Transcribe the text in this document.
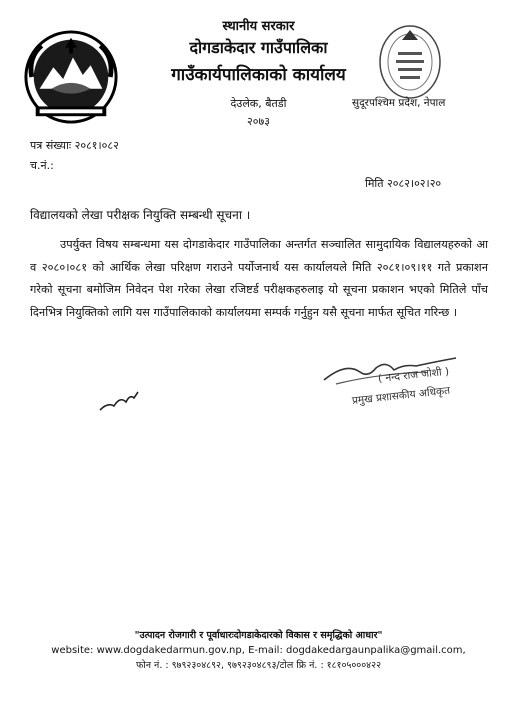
स्थानीय सरकार
दोगडाकेदार गाउँपालिका
गाउँकार्यपालिकाको कार्यालय
देउलेक, बैतडी
२०७३
सुदूरपश्चिम प्रदेश, नेपाल
पत्र संख्याः २०८१।०८२
च.नं.:
मिति २०८२।०२।२०
विद्यालयको लेखा परीक्षक नियुक्ति सम्बन्धी सूचना ।
उपर्युक्त विषय सम्बन्धमा यस दोगडाकेदार गाउँपालिका अन्तर्गत सञ्चालित सामुदायिक विद्यालयहरुको आ व २०८०।०८१ को आर्थिक लेखा परिक्षण गराउने पर्योजनार्थ यस कार्यालयले मिति २०८१।०९।११ गते प्रकाशन गरेको सूचना बमोजिम निवेदन पेश गरेका लेखा रजिष्टर्ड परीक्षकहरुलाइ यो सूचना प्रकाशन भएको मितिले पाँच दिनभित्र नियुक्तिको लागि यस गाउँपालिकाको कार्यालयमा सम्पर्क गर्नुहुन यसै सूचना मार्फत सूचित गरिन्छ ।
( नन्द राज जोशी )
प्रमुख प्रशासकीय अधिकृत
"उत्पादन रोजगारी र पूर्वाधारःदोगडाकेदारको विकास र समृद्धिको आधार"
website: www.dogdakedarmun.gov.np, E-mail: dogdakedargaunpalika@gmail.com,
फोन नं. : ९७९२३०४८९२, ९७९२३०४८९३/टोल फ्रि नं. : १८१०५०००४२२
